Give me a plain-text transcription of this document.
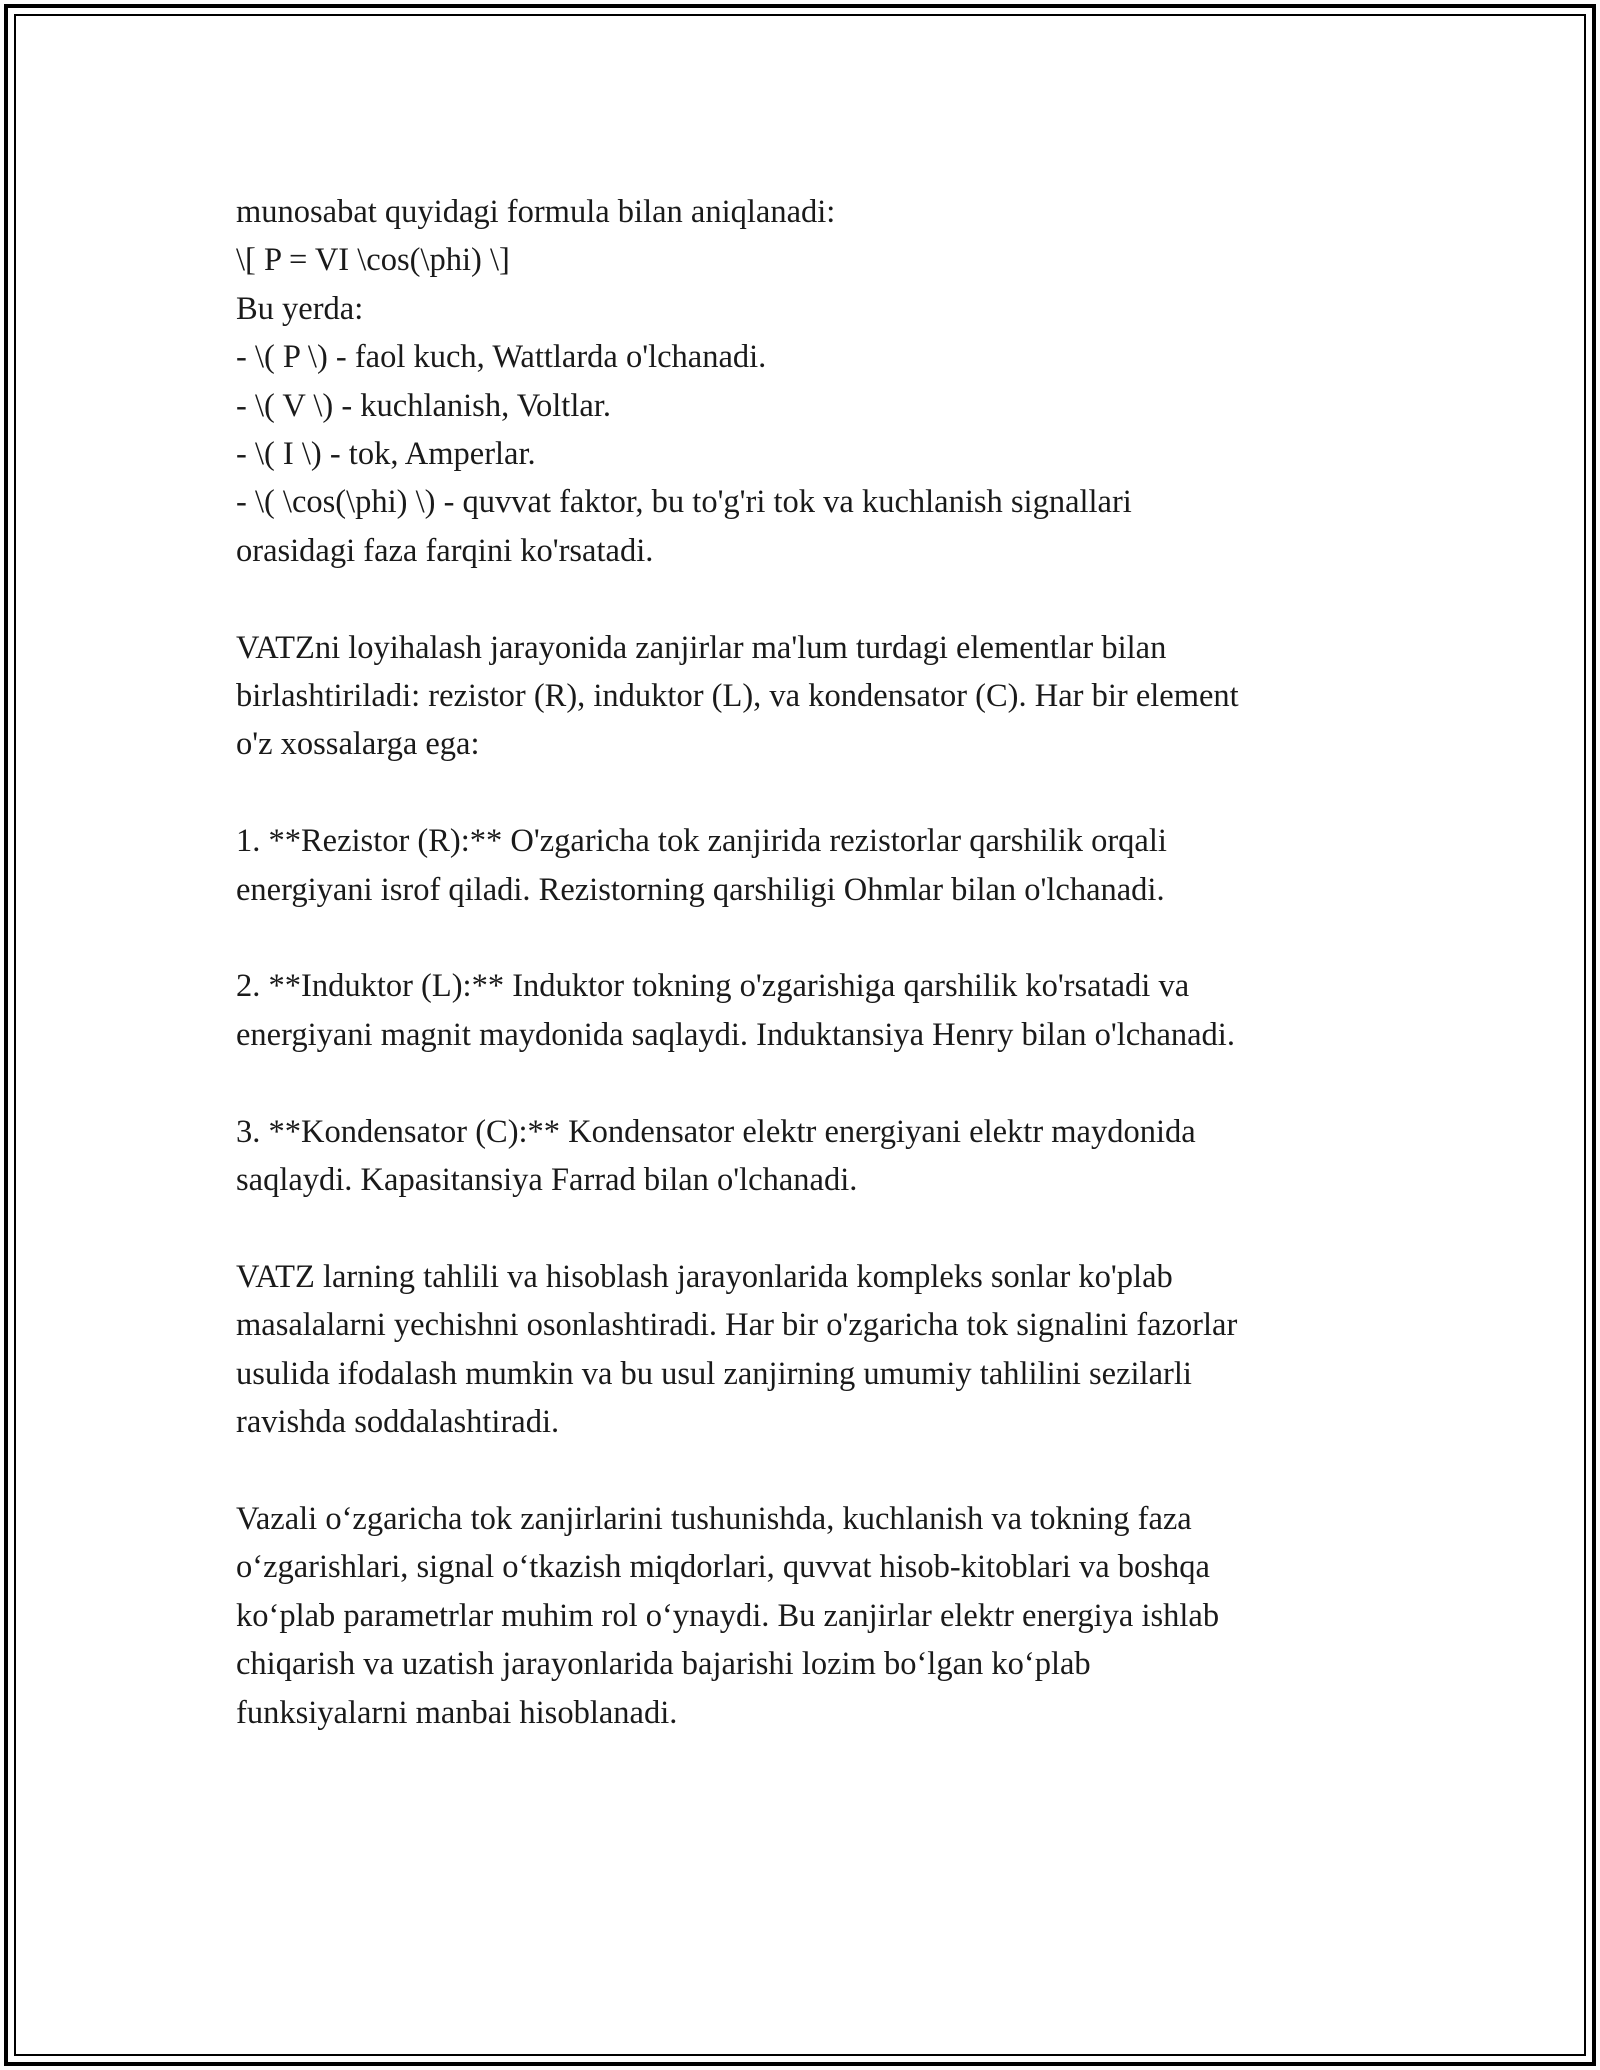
munosabat quyidagi formula bilan aniqlanadi:
\[ P = VI \cos(\phi) \]
Bu yerda:
- \( P \) - faol kuch, Wattlarda o'lchanadi.
- \( V \) - kuchlanish, Voltlar.
- \( I \) - tok, Amperlar.
- \( \cos(\phi) \) - quvvat faktor, bu to'g'ri tok va kuchlanish signallari
orasidagi faza farqini ko'rsatadi.
VATZni loyihalash jarayonida zanjirlar ma'lum turdagi elementlar bilan
birlashtiriladi: rezistor (R), induktor (L), va kondensator (C). Har bir element
o'z xossalarga ega:
1. **Rezistor (R):** O'zgaricha tok zanjirida rezistorlar qarshilik orqali
energiyani isrof qiladi. Rezistorning qarshiligi Ohmlar bilan o'lchanadi.
2. **Induktor (L):** Induktor tokning o'zgarishiga qarshilik ko'rsatadi va
energiyani magnit maydonida saqlaydi. Induktansiya Henry bilan o'lchanadi.
3. **Kondensator (C):** Kondensator elektr energiyani elektr maydonida
saqlaydi. Kapasitansiya Farrad bilan o'lchanadi.
VATZ larning tahlili va hisoblash jarayonlarida kompleks sonlar ko'plab
masalalarni yechishni osonlashtiradi. Har bir o'zgaricha tok signalini fazorlar
usulida ifodalash mumkin va bu usul zanjirning umumiy tahlilini sezilarli
ravishda soddalashtiradi.
Vazali o‘zgaricha tok zanjirlarini tushunishda, kuchlanish va tokning faza
o‘zgarishlari, signal o‘tkazish miqdorlari, quvvat hisob-kitoblari va boshqa
ko‘plab parametrlar muhim rol o‘ynaydi. Bu zanjirlar elektr energiya ishlab
chiqarish va uzatish jarayonlarida bajarishi lozim bo‘lgan ko‘plab
funksiyalarni manbai hisoblanadi.
